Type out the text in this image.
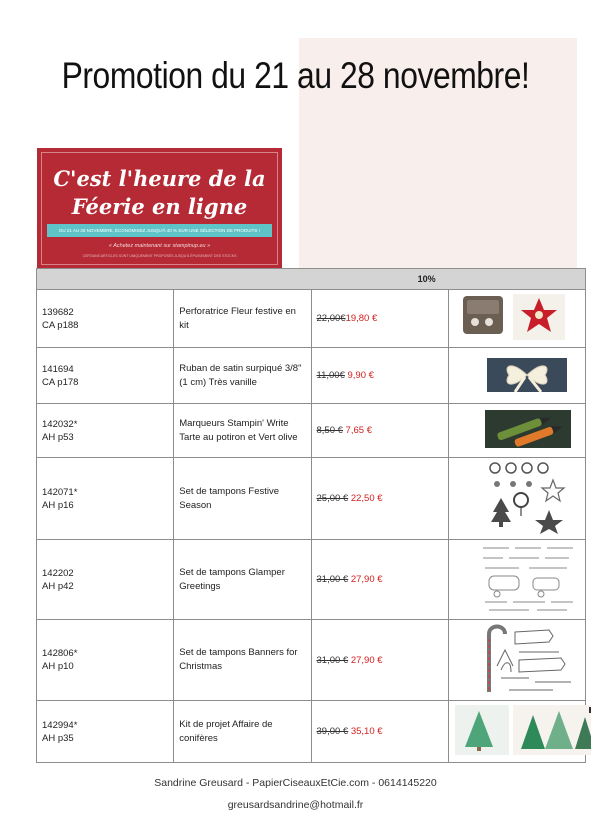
Promotion du 21 au 28 novembre!
C'est l'heure de la
Féerie en ligne
DU 21 AU 28 NOVEMBRE, ÉCONOMISEZ JUSQU'À 40 % SUR UNE SÉLECTION DE PRODUITS !
« Achetez maintenant sur stampinup.eu »
CERTAINS ARTICLES SONT UNIQUEMENT PROPOSÉS JUSQU'À ÉPUISEMENT DES STOCKS
			10%
139682
CA p188	Perforatrice Fleur festive en kit	22,00€19,80 €	
141694
CA p178	Ruban de satin surpiqué 3/8" (1 cm) Très vanille	11,00€ 9,90 €	
142032*
AH p53	Marqueurs Stampin' Write Tarte au potiron et Vert olive	8,50 € 7,65 €	
142071*
AH p16	Set de tampons Festive Season	25,00 € 22,50 €	
142202
AH p42	Set de tampons Glamper Greetings	31,00 € 27,90 €	
142806*
AH p10	Set de tampons Banners for Christmas	31,00 € 27,90 €	
142994*
AH p35	Kit de projet Affaire de conifères	39,00 € 35,10 €	
Sandrine Greusard - PapierCiseauxEtCie.com - 0614145220
greusardsandrine@hotmail.fr
